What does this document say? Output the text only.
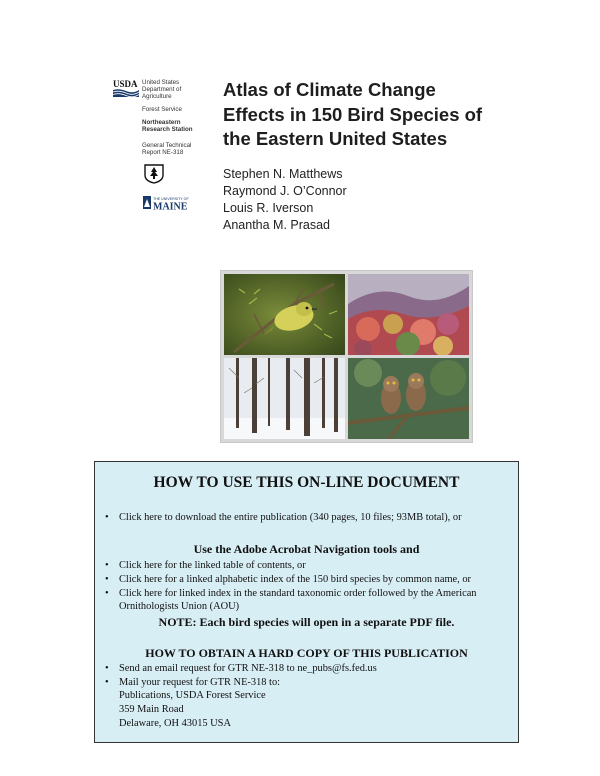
USDA United States
Department of
Agriculture
Forest Service
Northeastern
Research Station
General Technical
Report NE-318
THE UNIVERSITY OF
MAINE
Atlas of Climate Change
Effects in 150 Bird Species of
the Eastern United States
Stephen N. Matthews
Raymond J. O’Connor
Louis R. Iverson
Anantha M. Prasad
HOW TO USE THIS ON-LINE DOCUMENT
• Click here to download the entire publication (340 pages, 10 files; 93MB total), or
Use the Adobe Acrobat Navigation tools and
• Click here for the linked table of contents, or
• Click here for a linked alphabetic index of the 150 bird species by common name, or
• Click here for linked index in the standard taxonomic order followed by the American
Ornithologists Union (AOU)
NOTE: Each bird species will open in a separate PDF file.
HOW TO OBTAIN A HARD COPY OF THIS PUBLICATION
• Send an email request for GTR NE-318 to ne_pubs@fs.fed.us
• Mail your request for GTR NE-318 to:
Publications, USDA Forest Service
359 Main Road
Delaware, OH 43015 USA
